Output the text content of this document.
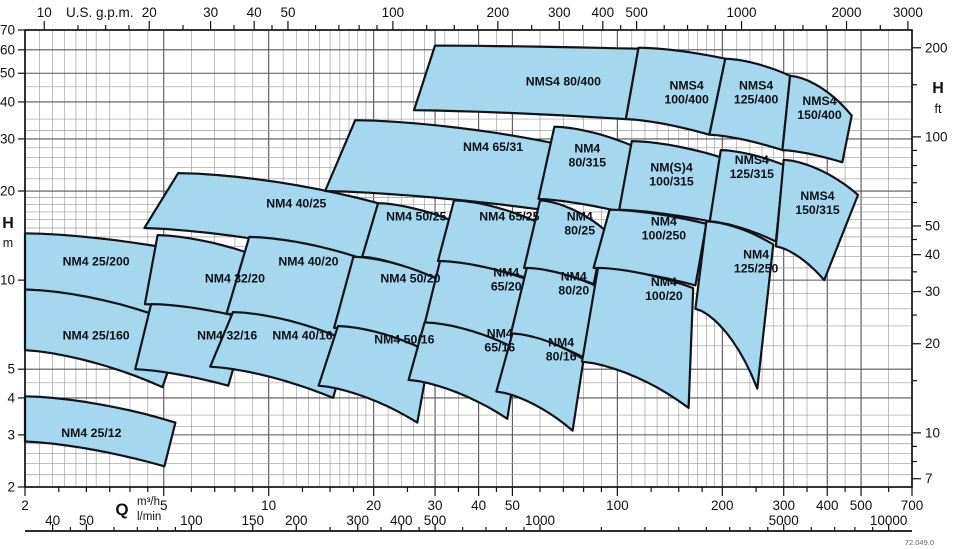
NM4 25/200
NM4 25/160
NM4 25/12
NM4 32/20
NM4 32/16
NM4 40/25
NM4 40/20
NM4 40/16
NM4 50/25
NM4 50/20
NM4 50/16
NM4 65/31
NM4 65/25
NM4 65/20
NM4 65/16
NMS4 80/400
NM4 80/315
NM4 80/25
NM4 80/20
NM4 80/16
NMS4 100/400
NM(S)4 100/315
NM4 100/250
NM4 100/20
NMS4 125/400
NMS4 125/315
NM4 125/250
NMS4 150/400
NMS4 150/315
10	20	30 40 50	100	200	300 400 500	1000	2000 3000
U.S. g.p.m.
70
60
50
40
30
20
10
5
4
3
2
H
m
7
10
20
30
40
50
100
200
H
ft
2	5	10	20	30 40 50	100	200	300 400 500 700
Q m³/h
l/min
40 50	100	150 200	300 400 500	1000	5000	10000
72.049.0
